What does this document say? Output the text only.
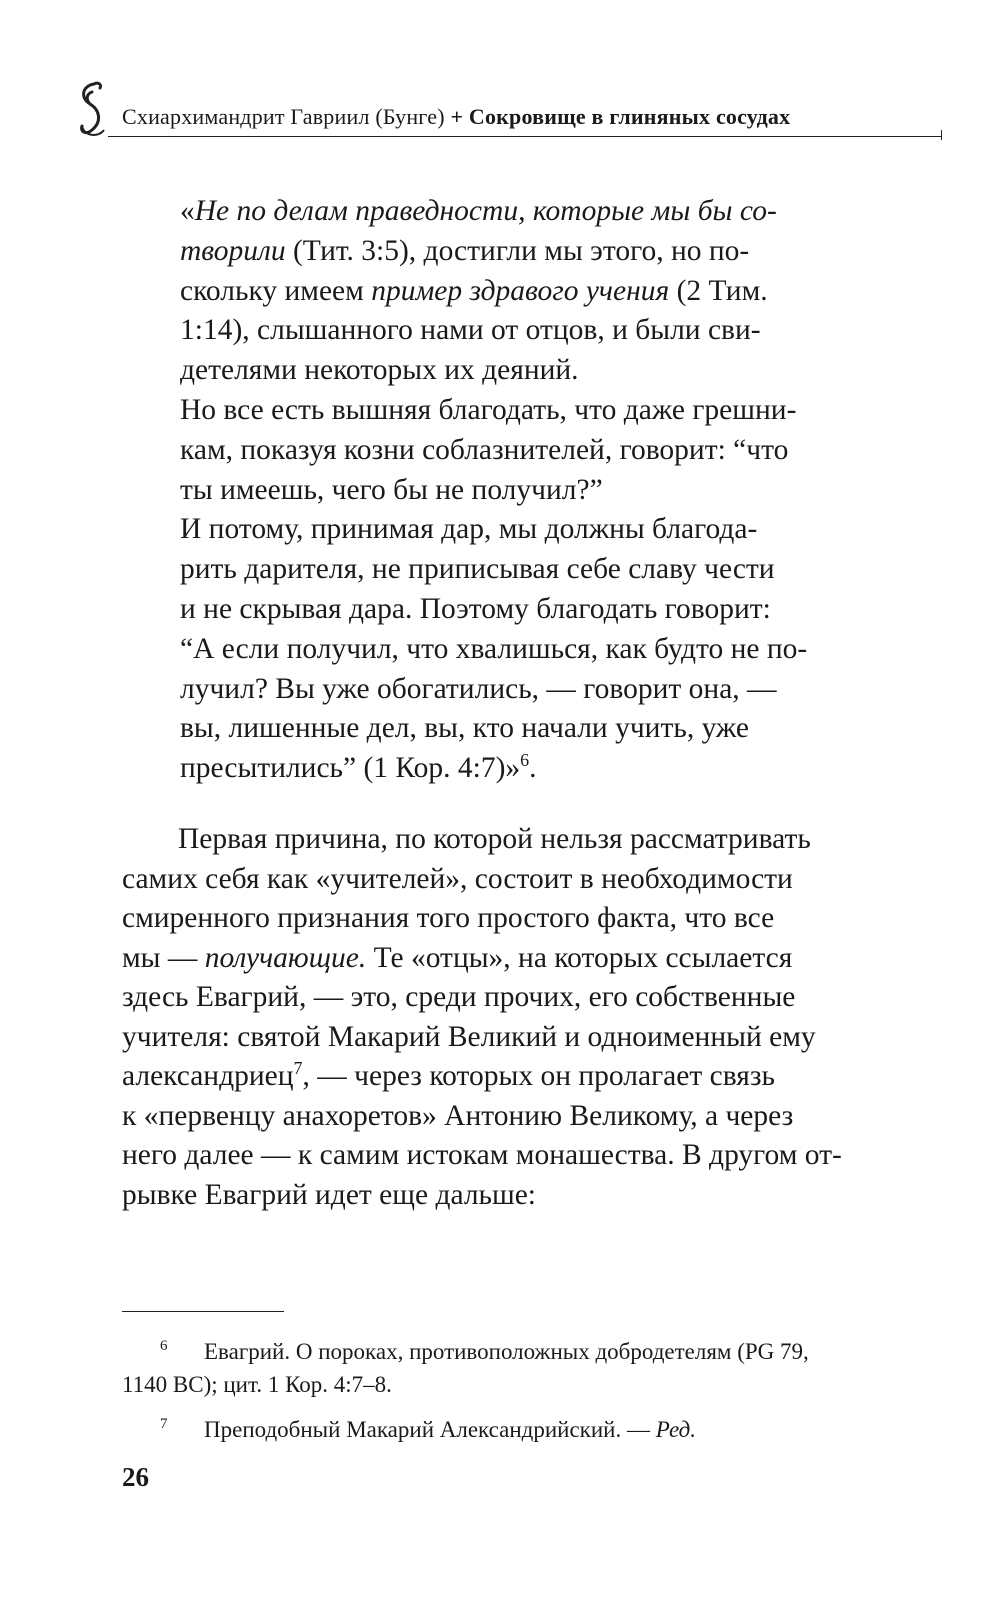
Схиархимандрит Гавриил (Бунге) + Сокровище в глиняных сосудах
«Не по делам праведности, которые мы бы со-
творили (Тит. 3:5), достигли мы этого, но по-
скольку имеем пример здравого учения (2 Тим.
1:14), слышанного нами от отцов, и были сви-
детелями некоторых их деяний.
Но все есть вышняя благодать, что даже грешни-
кам, показуя козни соблазнителей, говорит: “что
ты имеешь, чего бы не получил?”
И потому, принимая дар, мы должны благода-
рить дарителя, не приписывая себе славу чести
и не скрывая дара. Поэтому благодать говорит:
“А если получил, что хвалишься, как будто не по-
лучил? Вы уже обогатились, — говорит она, —
вы, лишенные дел, вы, кто начали учить, уже
пресытились” (1 Кор. 4:7)»$^6$.
Первая причина, по которой нельзя рассматривать
самих себя как «учителей», состоит в необходимости
смиренного признания того простого факта, что все
мы — получающие. Те «отцы», на которых ссылается
здесь Евагрий, — это, среди прочих, его собственные
учителя: святой Макарий Великий и одноименный ему
александриец$^7$, — через которых он пролагает связь
к «первенцу анахоретов» Антонию Великому, а через
него далее — к самим истокам монашества. В другом от-
рывке Евагрий идет еще дальше:
6 Евагрий. О пороках, противоположных добродетелям (PG 79,
1140 BC); цит. 1 Кор. 4:7–8.
7 Преподобный Макарий Александрийский. — Ред.
26
